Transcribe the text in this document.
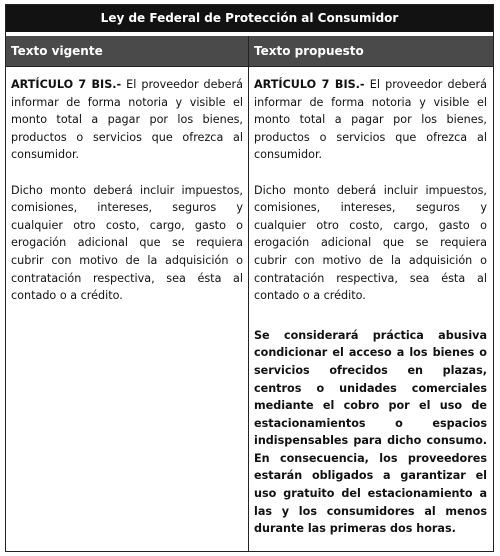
Ley de Federal de Protección al Consumidor
Texto vigente	Texto propuesto

ARTÍCULO 7 BIS.- El proveedor deberá informar de forma notoria y visible el monto total a pagar por los bienes, productos o servicios que ofrezca al consumidor.

Dicho monto deberá incluir impuestos, comisiones, intereses, seguros y cualquier otro costo, cargo, gasto o erogación adicional que se requiera cubrir con motivo de la adquisición o contratación respectiva, sea ésta al contado o a crédito.

ARTÍCULO 7 BIS.- El proveedor deberá informar de forma notoria y visible el monto total a pagar por los bienes, productos o servicios que ofrezca al consumidor.

Dicho monto deberá incluir impuestos, comisiones, intereses, seguros y cualquier otro costo, cargo, gasto o erogación adicional que se requiera cubrir con motivo de la adquisición o contratación respectiva, sea ésta al contado o a crédito.

Se considerará práctica abusiva condicionar el acceso a los bienes o servicios ofrecidos en plazas, centros o unidades comerciales mediante el cobro por el uso de estacionamientos o espacios indispensables para dicho consumo. En consecuencia, los proveedores estarán obligados a garantizar el uso gratuito del estacionamiento a las y los consumidores al menos durante las primeras dos horas.
